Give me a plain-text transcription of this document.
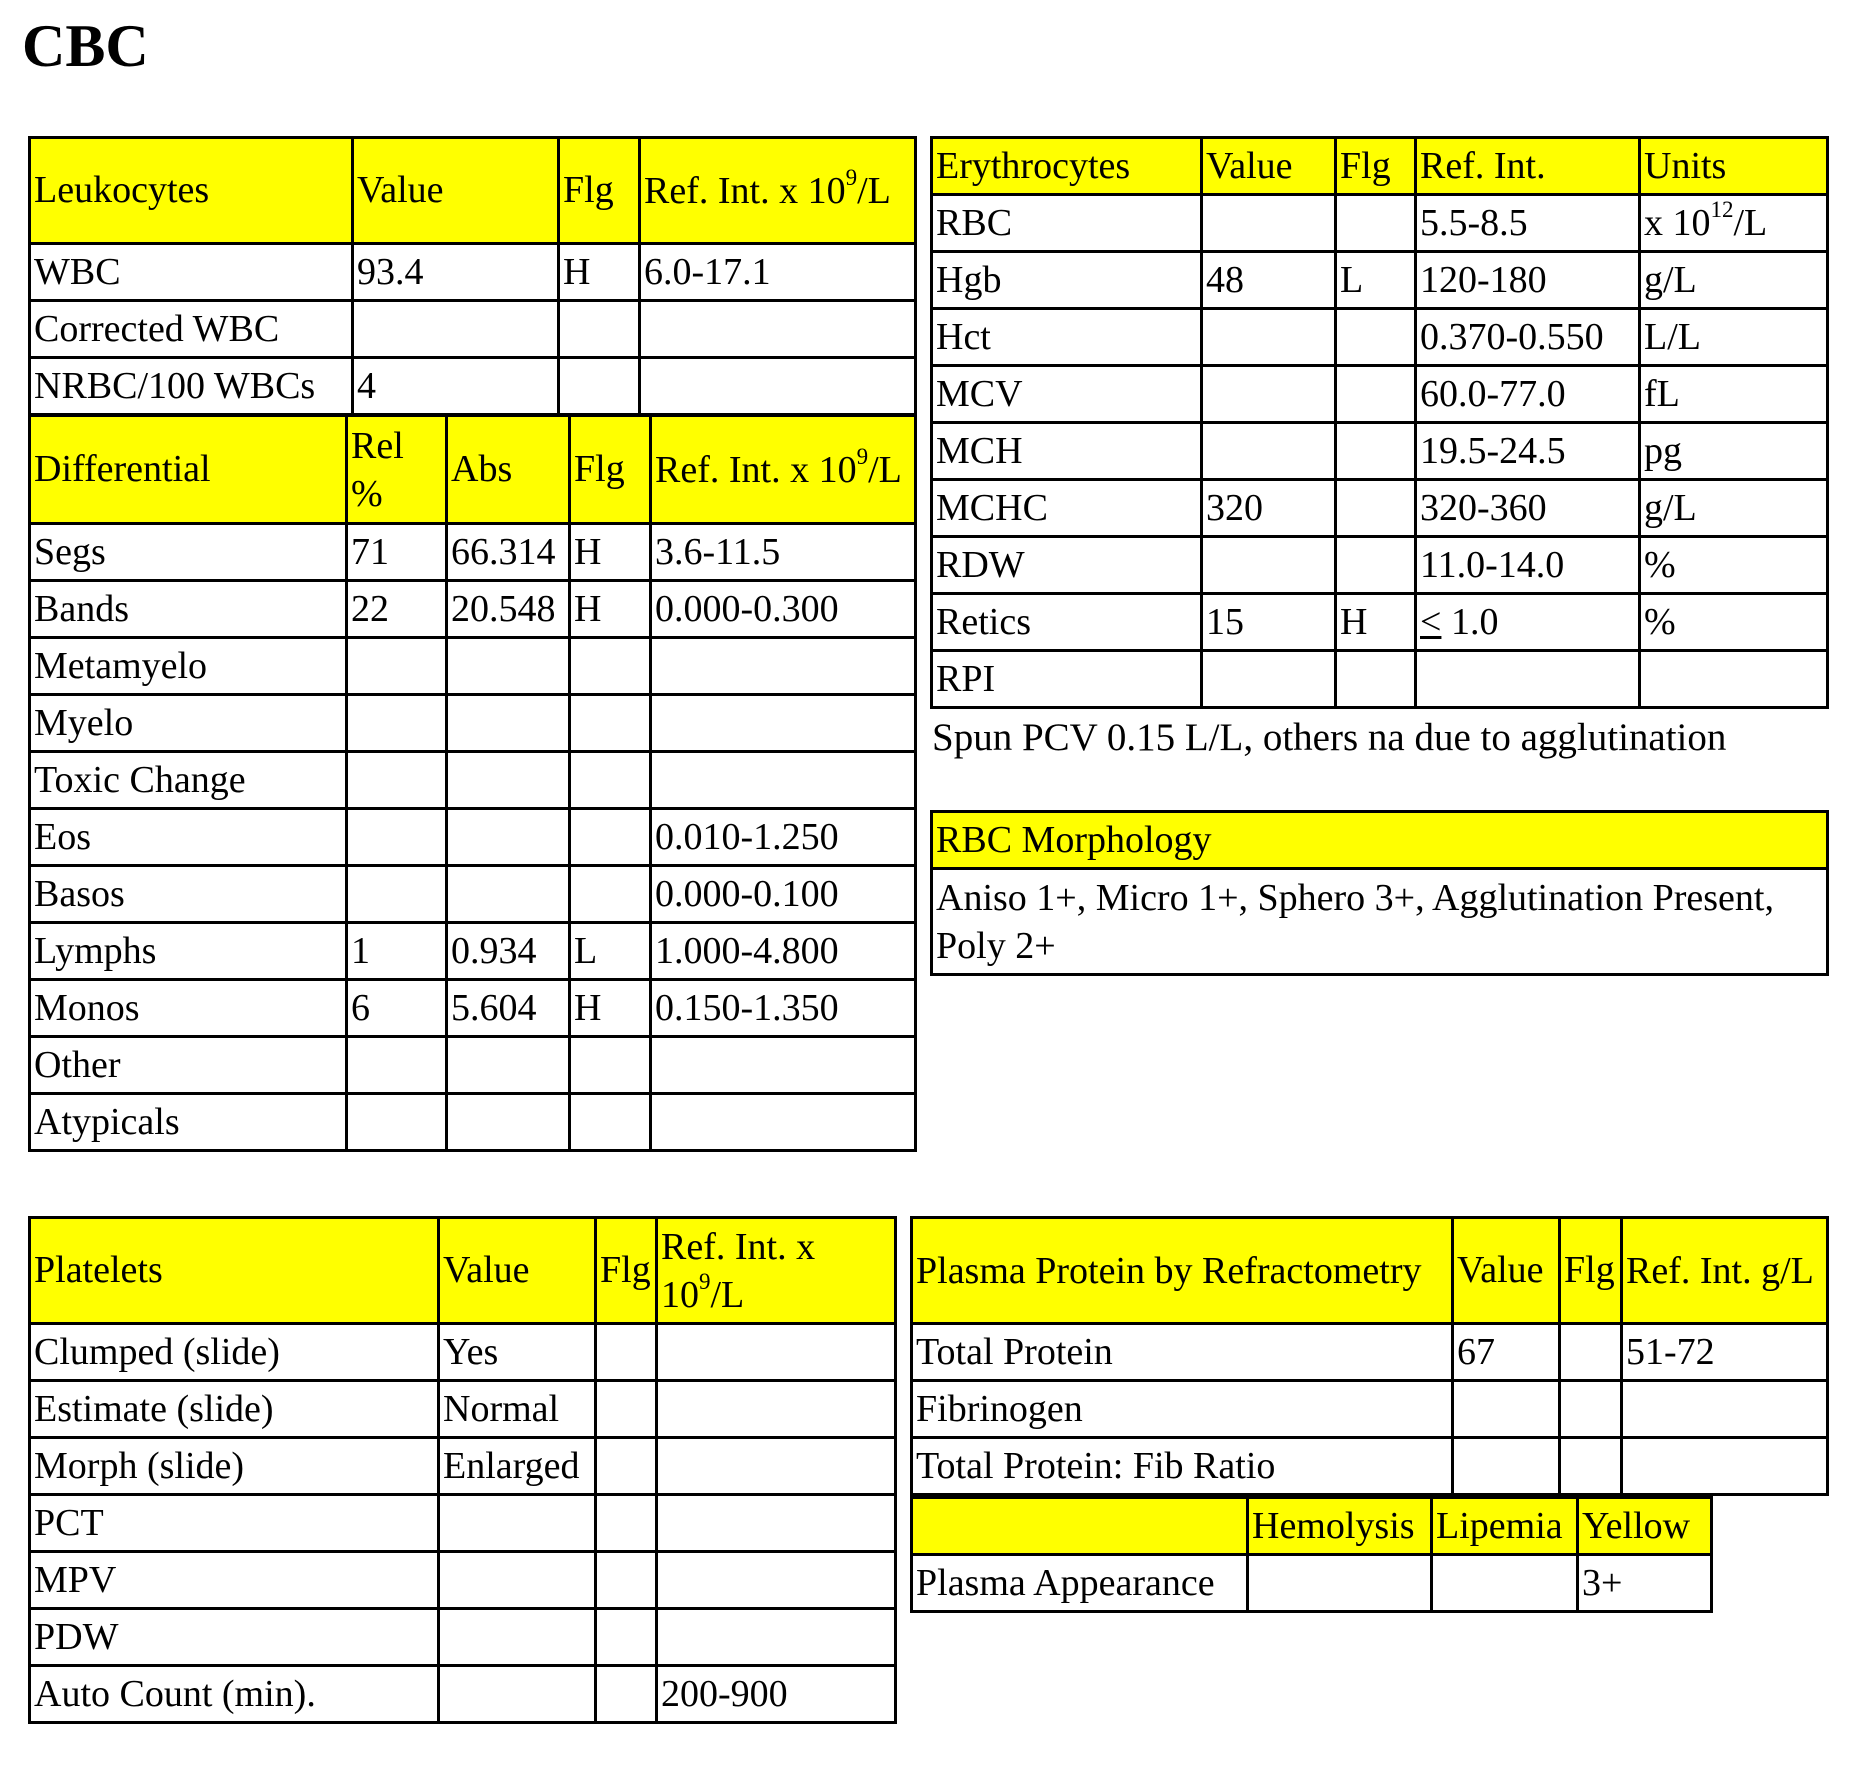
CBC
Leukocytes	Value	Flg	Ref. Int. x $10^9/L$
WBC	93.4	H	6.0-17.1
Corrected WBC			
NRBC/100 WBCs	4		
Differential	Rel %	Abs	Flg	Ref. Int. x $10^9/L$
Segs	71	66.314	H	3.6-11.5
Bands	22	20.548	H	0.000-0.300
Metamyelo				
Myelo				
Toxic Change				
Eos				0.010-1.250
Basos				0.000-0.100
Lymphs	1	0.934	L	1.000-4.800
Monos	6	5.604	H	0.150-1.350
Other				
Atypicals				
Erythrocytes	Value	Flg	Ref. Int.	Units
RBC			5.5-8.5	x $10^{12}/L$
Hgb	48	L	120-180	g/L
Hct			0.370-0.550	L/L
MCV			60.0-77.0	fL
MCH			19.5-24.5	pg
MCHC	320		320-360	g/L
RDW			11.0-14.0	%
Retics	15	H	< 1.0	%
RPI				

Spun PCV 0.15 L/L, others na due to agglutination

RBC Morphology
Aniso 1+, Micro 1+, Sphero 3+, Agglutination Present, Poly 2+
Platelets	Value	Flg	Ref. Int. x $10^9/L$
Clumped (slide)	Yes		
Estimate (slide)	Normal		
Morph (slide)	Enlarged		
PCT			
MPV			
PDW			
Auto Count (min).			200-900
Plasma Protein by Refractometry	Value	Flg	Ref. Int. g/L
Total Protein	67		51-72
Fibrinogen			
Total Protein: Fib Ratio			
	Hemolysis	Lipemia	Yellow
Plasma Appearance			3+
